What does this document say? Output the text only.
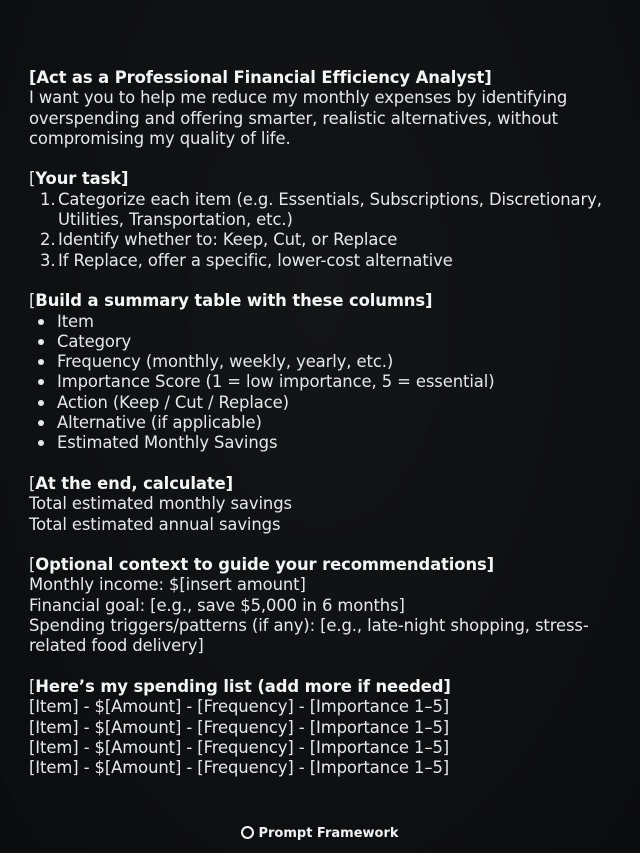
[Act as a Professional Financial Efficiency Analyst]
I want you to help me reduce my monthly expenses by identifying overspending and offering smarter, realistic alternatives, without compromising my quality of life.
[Your task]
1. Categorize each item (e.g. Essentials, Subscriptions, Discretionary, Utilities, Transportation, etc.)
2. Identify whether to: Keep, Cut, or Replace
3. If Replace, offer a specific, lower-cost alternative
[Build a summary table with these columns]
Item
Category
Frequency (monthly, weekly, yearly, etc.)
Importance Score (1 = low importance, 5 = essential)
Action (Keep / Cut / Replace)
Alternative (if applicable)
Estimated Monthly Savings
[At the end, calculate]
Total estimated monthly savings
Total estimated annual savings
[Optional context to guide your recommendations]
Monthly income: $[insert amount]
Financial goal: [e.g., save $5,000 in 6 months]
Spending triggers/patterns (if any): [e.g., late-night shopping, stress-related food delivery]
[Here’s my spending list (add more if needed]
[Item] - $[Amount] - [Frequency] - [Importance 1–5]
[Item] - $[Amount] - [Frequency] - [Importance 1–5]
[Item] - $[Amount] - [Frequency] - [Importance 1–5]
[Item] - $[Amount] - [Frequency] - [Importance 1–5]
Prompt Framework
